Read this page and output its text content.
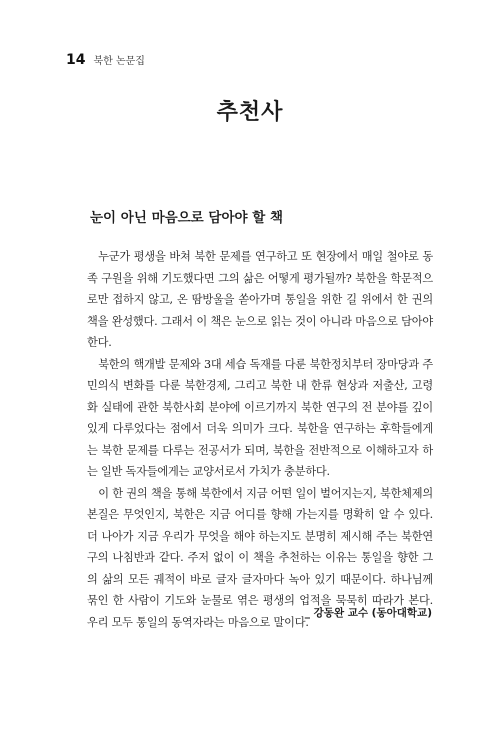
14 북한 논문집
추천사
눈이 아닌 마음으로 담아야 할 책

누군가 평생을 바쳐 북한 문제를 연구하고 또 현장에서 매일 철야로 동족 구원을 위해 기도했다면 그의 삶은 어떻게 평가될까? 북한을 학문적으로만 접하지 않고, 온 땀방울을 쏟아가며 통일을 위한 길 위에서 한 권의 책을 완성했다. 그래서 이 책은 눈으로 읽는 것이 아니라 마음으로 담아야 한다.

북한의 핵개발 문제와 3대 세습 독재를 다룬 북한정치부터 장마당과 주민의식 변화를 다룬 북한경제, 그리고 북한 내 한류 현상과 저출산, 고령화 실태에 관한 북한사회 분야에 이르기까지 북한 연구의 전 분야를 깊이 있게 다루었다는 점에서 더욱 의미가 크다. 북한을 연구하는 후학들에게는 북한 문제를 다루는 전공서가 되며, 북한을 전반적으로 이해하고자 하는 일반 독자들에게는 교양서로서 가치가 충분하다.

이 한 권의 책을 통해 북한에서 지금 어떤 일이 벌어지는지, 북한체제의 본질은 무엇인지, 북한은 지금 어디를 향해 가는지를 명확히 알 수 있다. 더 나아가 지금 우리가 무엇을 해야 하는지도 분명히 제시해 주는 북한연구의 나침반과 같다. 주저 없이 이 책을 추천하는 이유는 통일을 향한 그의 삶의 모든 궤적이 바로 글자 글자마다 녹아 있기 때문이다. 하나님께 묶인 한 사람이 기도와 눈물로 엮은 평생의 업적을 묵묵히 따라가 본다. 우리 모두 통일의 동역자라는 마음으로 말이다.

_ 강동완 교수 (동아대학교)
